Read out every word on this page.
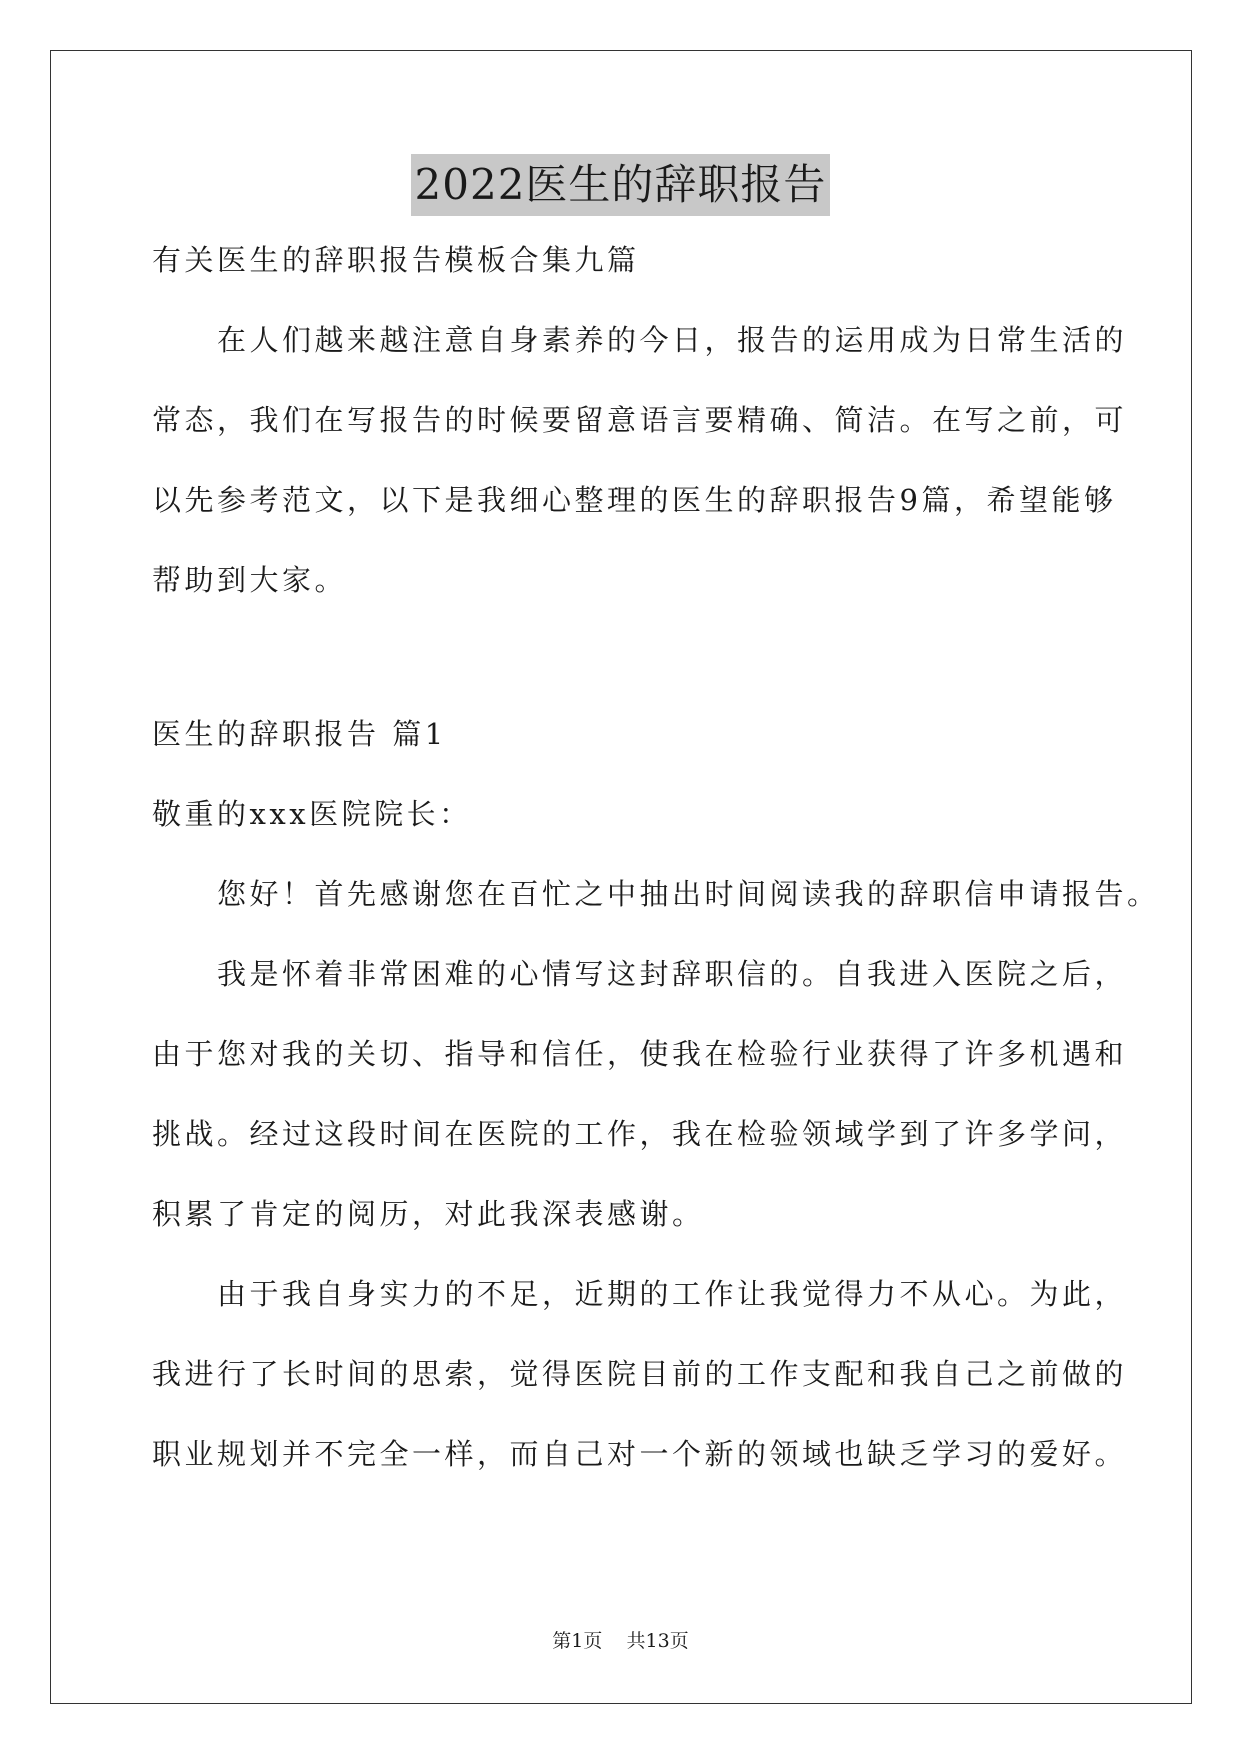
2022医生的辞职报告
有关医生的辞职报告模板合集九篇
　　在人们越来越注意自身素养的今日，报告的运用成为日常生活的
常态，我们在写报告的时候要留意语言要精确、简洁。在写之前，可
以先参考范文，以下是我细心整理的医生的辞职报告9篇，希望能够
帮助到大家。
医生的辞职报告 篇1
敬重的xxx医院院长：
　　您好！首先感谢您在百忙之中抽出时间阅读我的辞职信申请报告。
　　我是怀着非常困难的心情写这封辞职信的。自我进入医院之后，
由于您对我的关切、指导和信任，使我在检验行业获得了许多机遇和
挑战。经过这段时间在医院的工作，我在检验领域学到了许多学问，
积累了肯定的阅历，对此我深表感谢。
　　由于我自身实力的不足，近期的工作让我觉得力不从心。为此，
我进行了长时间的思索，觉得医院目前的工作支配和我自己之前做的
职业规划并不完全一样，而自己对一个新的领域也缺乏学习的爱好。
第1页    共13页
